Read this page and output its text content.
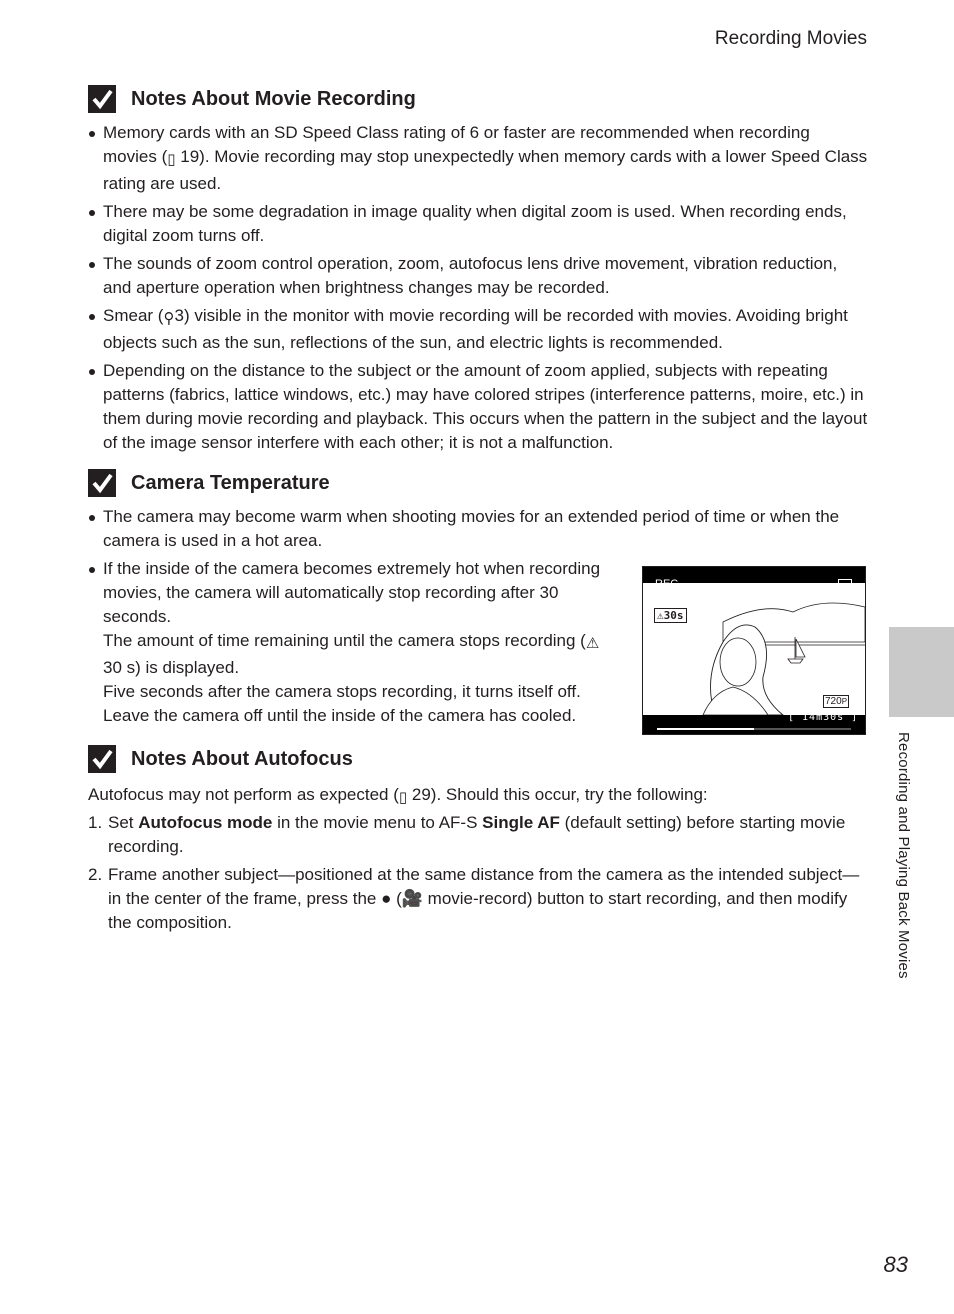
Recording Movies
Notes About Movie Recording
Memory cards with an SD Speed Class rating of 6 or faster are recommended when recording movies (▯ 19). Movie recording may stop unexpectedly when memory cards with a lower Speed Class rating are used.
There may be some degradation in image quality when digital zoom is used. When recording ends, digital zoom turns off.
The sounds of zoom control operation, zoom, autofocus lens drive movement, vibration reduction, and aperture operation when brightness changes may be recorded.
Smear (⚲3) visible in the monitor with movie recording will be recorded with movies. Avoiding bright objects such as the sun, reflections of the sun, and electric lights is recommended.
Depending on the distance to the subject or the amount of zoom applied, subjects with repeating patterns (fabrics, lattice windows, etc.) may have colored stripes (interference patterns, moire, etc.) in them during movie recording and playback. This occurs when the pattern in the subject and the layout of the image sensor interfere with each other; it is not a malfunction.
Camera Temperature
The camera may become warm when shooting movies for an extended period of time or when the camera is used in a hot area.

If the inside of the camera becomes extremely hot when recording movies, the camera will automatically stop recording after 30 seconds.

The amount of time remaining until the camera stops recording (⚠30 s) is displayed.

Five seconds after the camera stops recording, it turns itself off. Leave the camera off until the inside of the camera has cooled.

REC
⚠30s
720P
[ 14m30s ]
Notes About Autofocus
Autofocus may not perform as expected (▯ 29). Should this occur, try the following:
1. Set Autofocus mode in the movie menu to AF-S Single AF (default setting) before starting movie recording.
2. Frame another subject—positioned at the same distance from the camera as the intended subject—in the center of the frame, press the ● (🎥 movie-record) button to start recording, and then modify the composition.	Recording and Playing Back Movies
83
